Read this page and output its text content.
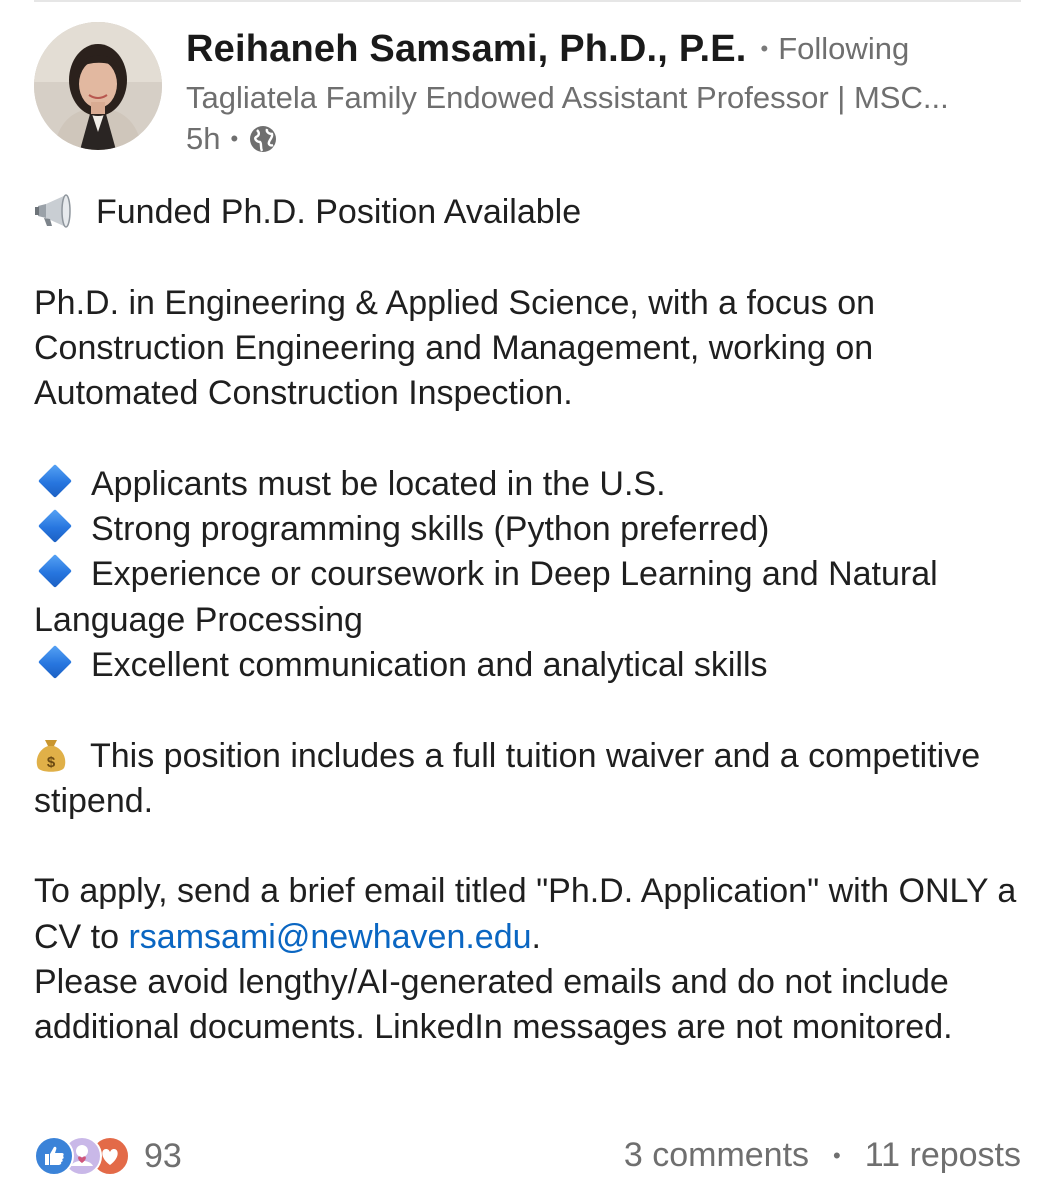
Reihaneh Samsami, Ph.D., P.E. • Following
Tagliatela Family Endowed Assistant Professor | MSC...
5h •

Funded Ph.D. Position Available

Ph.D. in Engineering & Applied Science, with a focus on Construction Engineering and Management, working on Automated Construction Inspection.

Applicants must be located in the U.S.

Strong programming skills (Python preferred)

Experience or coursework in Deep Learning and Natural Language Processing

Excellent communication and analytical skills

$ This position includes a full tuition waiver and a competitive stipend.

To apply, send a brief email titled "Ph.D. Application" with ONLY a CV to rsamsami@newhaven.edu.

Please avoid lengthy/AI-generated emails and do not include additional documents. LinkedIn messages are not monitored.

93	3 comments • 11 reposts
